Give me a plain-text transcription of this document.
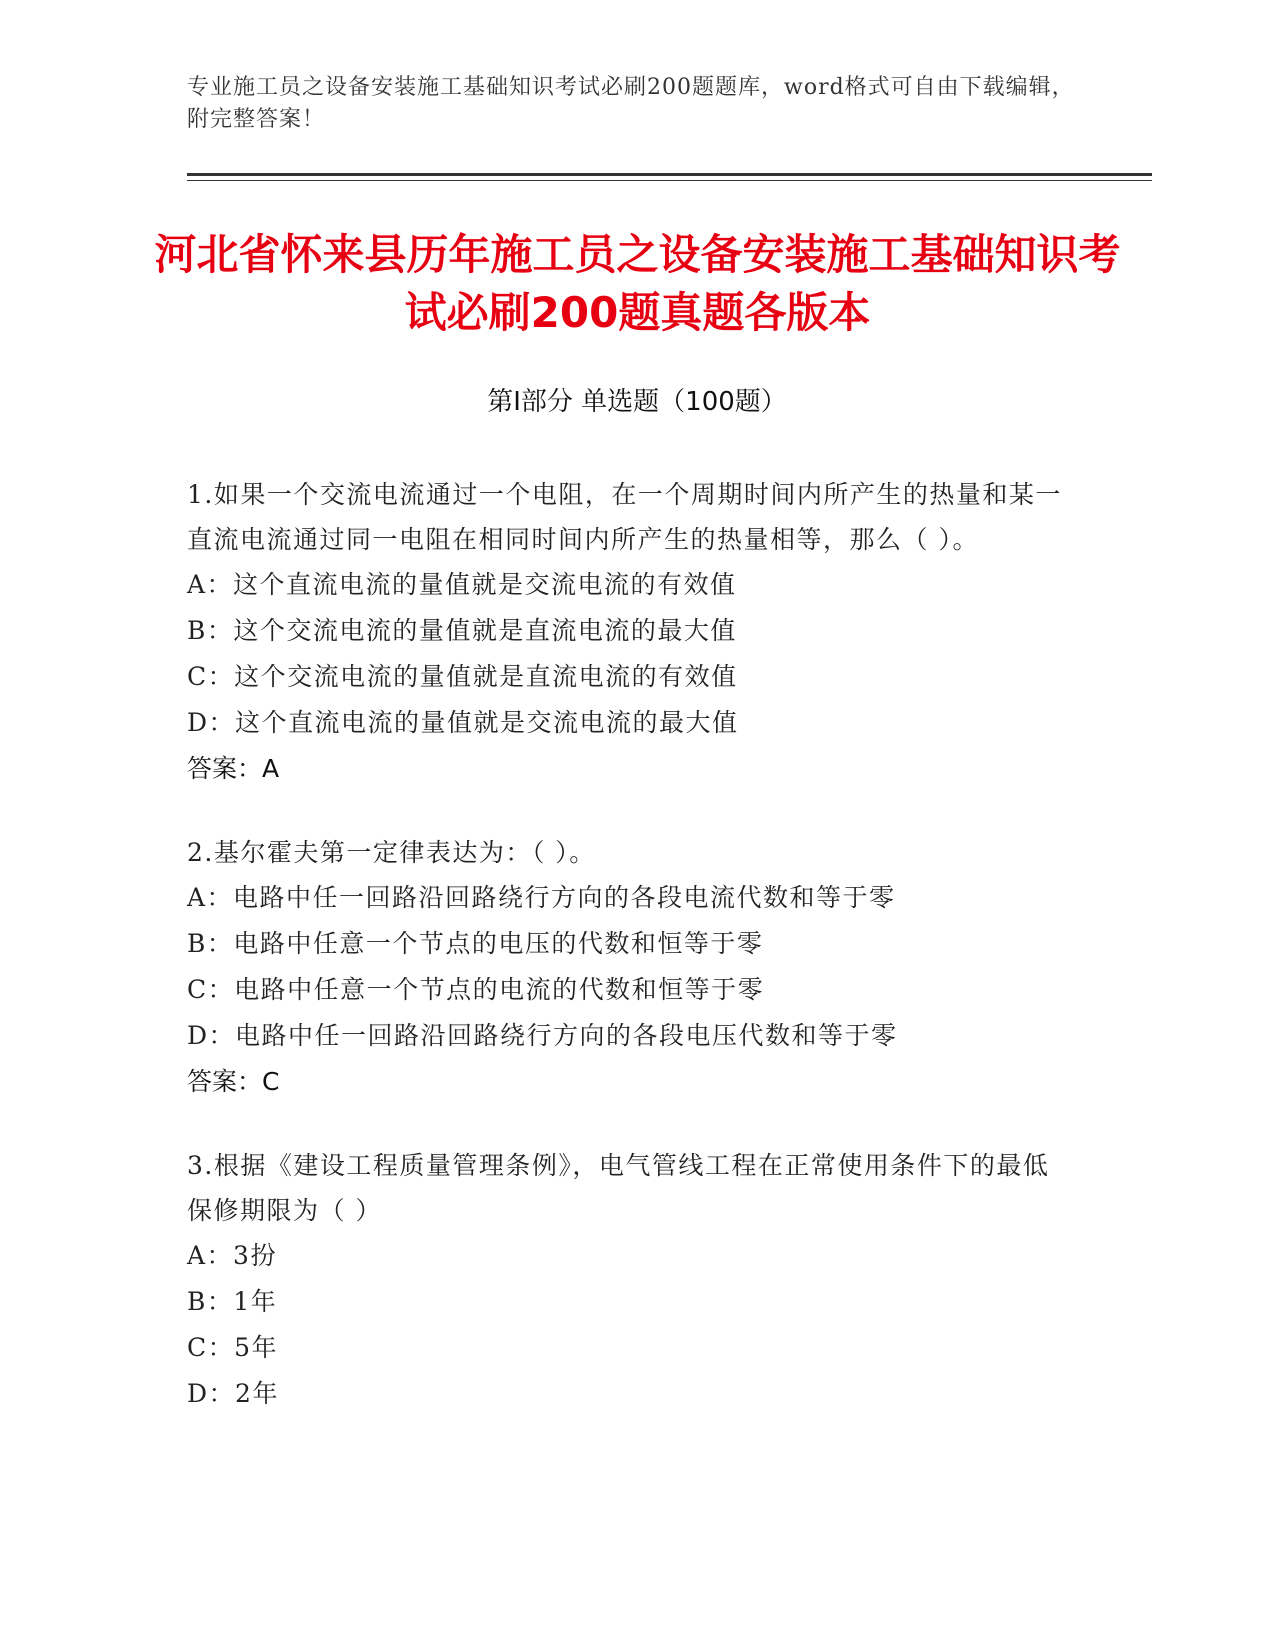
专业施工员之设备安装施工基础知识考试必刷200题题库，word格式可自由下载编辑，附完整答案！
河北省怀来县历年施工员之设备安装施工基础知识考试必刷200题真题各版本
第Ⅰ部分 单选题（100题）
1.如果一个交流电流通过一个电阻，在一个周期时间内所产生的热量和某一直流电流通过同一电阻在相同时间内所产生的热量相等，那么（ ）。
A：这个直流电流的量值就是交流电流的有效值
B：这个交流电流的量值就是直流电流的最大值
C：这个交流电流的量值就是直流电流的有效值
D：这个直流电流的量值就是交流电流的最大值
答案：A
2.基尔霍夫第一定律表达为：（ ）。
A：电路中任一回路沿回路绕行方向的各段电流代数和等于零
B：电路中任意一个节点的电压的代数和恒等于零
C：电路中任意一个节点的电流的代数和恒等于零
D：电路中任一回路沿回路绕行方向的各段电压代数和等于零
答案：C
3.根据《建设工程质量管理条例》，电气管线工程在正常使用条件下的最低保修期限为（ ）
A：3扮
B：1年
C：5年
D：2年
